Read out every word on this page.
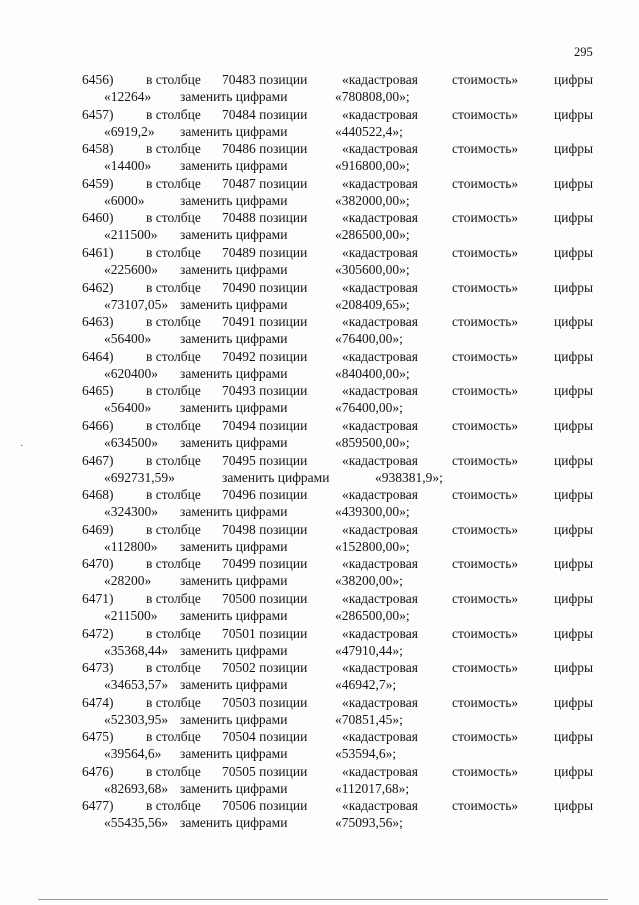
295
·
6456) в столбце 70483 позиции	«кадастровая	стоимость»	цифры
«12264» заменить цифрами	«780808,00»;
6457) в столбце 70484 позиции	«кадастровая	стоимость»	цифры
«6919,2» заменить цифрами	«440522,4»;
6458) в столбце 70486 позиции	«кадастровая	стоимость»	цифры
«14400» заменить цифрами	«916800,00»;
6459) в столбце 70487 позиции	«кадастровая	стоимость»	цифры
«6000»	заменить цифрами	«382000,00»;
6460) в столбце 70488 позиции	«кадастровая	стоимость»	цифры
«211500» заменить цифрами	«286500,00»;
6461) в столбце 70489 позиции	«кадастровая	стоимость»	цифры
«225600» заменить цифрами	«305600,00»;
6462) в столбце 70490 позиции	«кадастровая	стоимость»	цифры
«73107,05» заменить цифрами	«208409,65»;
6463) в столбце 70491 позиции	«кадастровая	стоимость»	цифры
«56400» заменить цифрами	«76400,00»;
6464) в столбце 70492 позиции	«кадастровая	стоимость»	цифры
«620400» заменить цифрами	«840400,00»;
6465) в столбце 70493 позиции	«кадастровая	стоимость»	цифры
«56400» заменить цифрами	«76400,00»;
6466) в столбце 70494 позиции	«кадастровая	стоимость»	цифры
«634500» заменить цифрами	«859500,00»;
6467) в столбце 70495 позиции	«кадастровая	стоимость»	цифры
«692731,59»	заменить цифрами	«938381,9»;
6468) в столбце 70496 позиции	«кадастровая	стоимость»	цифры
«324300» заменить цифрами	«439300,00»;
6469) в столбце 70498 позиции	«кадастровая	стоимость»	цифры
«112800» заменить цифрами	«152800,00»;
6470) в столбце 70499 позиции	«кадастровая	стоимость»	цифры
«28200» заменить цифрами	«38200,00»;
6471) в столбце 70500 позиции	«кадастровая	стоимость»	цифры
«211500» заменить цифрами	«286500,00»;
6472) в столбце 70501 позиции	«кадастровая	стоимость»	цифры
«35368,44» заменить цифрами	«47910,44»;
6473) в столбце 70502 позиции	«кадастровая	стоимость»	цифры
«34653,57» заменить цифрами	«46942,7»;
6474) в столбце 70503 позиции	«кадастровая	стоимость»	цифры
«52303,95» заменить цифрами	«70851,45»;
6475) в столбце 70504 позиции	«кадастровая	стоимость»	цифры
«39564,6» заменить цифрами	«53594,6»;
6476) в столбце 70505 позиции	«кадастровая	стоимость»	цифры
«82693,68» заменить цифрами	«112017,68»;
6477) в столбце 70506 позиции	«кадастровая	стоимость»	цифры
«55435,56» заменить цифрами	«75093,56»;
